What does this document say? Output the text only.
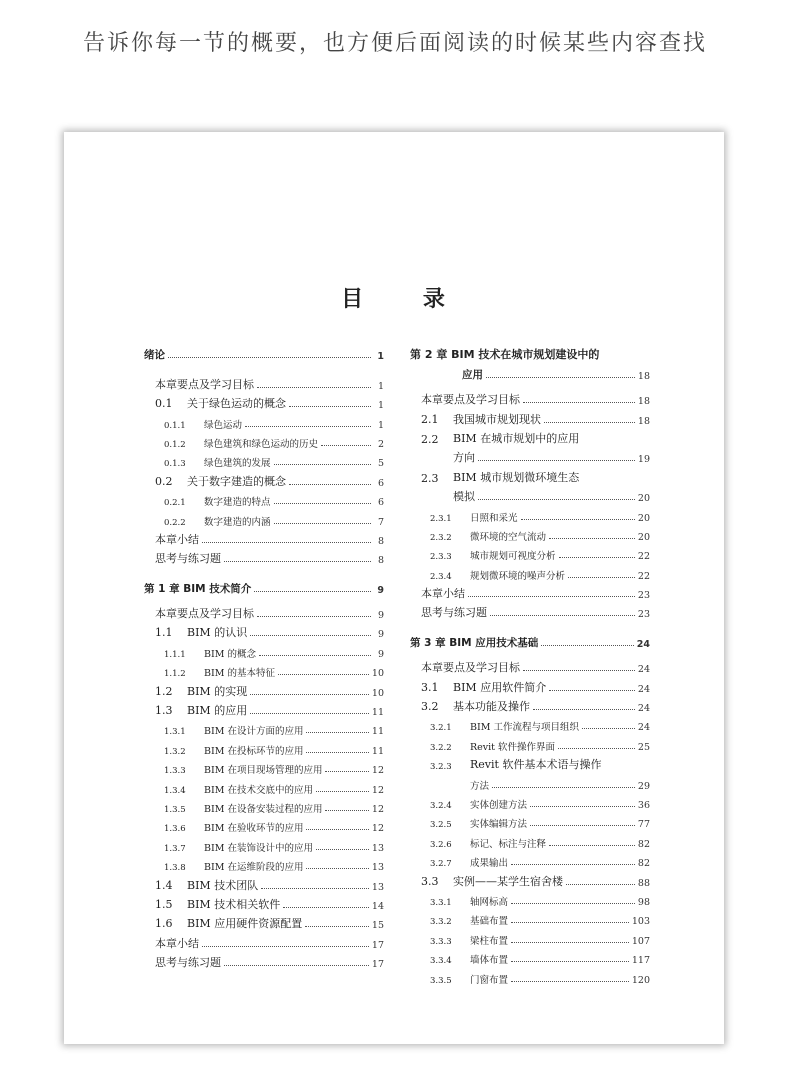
告诉你每一节的概要，也方便后面阅读的时候某些内容查找
目 录
绪论	1
本章要点及学习目标	1
0.1 关于绿色运动的概念	1
0.1.1 绿色运动	1
0.1.2 绿色建筑和绿色运动的历史	2
0.1.3 绿色建筑的发展	5
0.2 关于数字建造的概念	6
0.2.1 数字建造的特点	6
0.2.2 数字建造的内涵	7
本章小结	8
思考与练习题	8
第 1 章 BIM 技术简介	9
本章要点及学习目标	9
1.1 BIM 的认识	9
1.1.1 BIM 的概念	9
1.1.2 BIM 的基本特征	10
1.2 BIM 的实现	10
1.3 BIM 的应用	11
1.3.1 BIM 在设计方面的应用	11
1.3.2 BIM 在投标环节的应用	11
1.3.3 BIM 在项目现场管理的应用	12
1.3.4 BIM 在技术交底中的应用	12
1.3.5 BIM 在设备安装过程的应用	12
1.3.6 BIM 在验收环节的应用	12
1.3.7 BIM 在装饰设计中的应用	13
1.3.8 BIM 在运维阶段的应用	13
1.4 BIM 技术团队	13
1.5 BIM 技术相关软件	14
1.6 BIM 应用硬件资源配置	15
本章小结	17
思考与练习题	17
第 2 章 BIM 技术在城市规划建设中的
应用	18
本章要点及学习目标	18
2.1 我国城市规划现状	18
2.2	BIM 在城市规划中的应用
方向	19
2.3	BIM 城市规划微环境生态
模拟	20
2.3.1 日照和采光	20
2.3.2 微环境的空气流动	20
2.3.3 城市规划可视度分析	22
2.3.4 规划微环境的噪声分析	22
本章小结	23
思考与练习题	23
第 3 章 BIM 应用技术基础	24
本章要点及学习目标	24
3.1 BIM 应用软件简介	24
3.2 基本功能及操作	24
3.2.1 BIM 工作流程与项目组织	24
3.2.2 Revit 软件操作界面	25
3.2.3	Revit 软件基本术语与操作
方法	29
3.2.4 实体创建方法	36
3.2.5 实体编辑方法	77
3.2.6 标记、标注与注释	82
3.2.7 成果输出	82
3.3 实例——某学生宿舍楼	88
3.3.1 轴网标高	98
3.3.2 基础布置	103
3.3.3 梁柱布置	107
3.3.4 墙体布置	117
3.3.5 门窗布置	120
